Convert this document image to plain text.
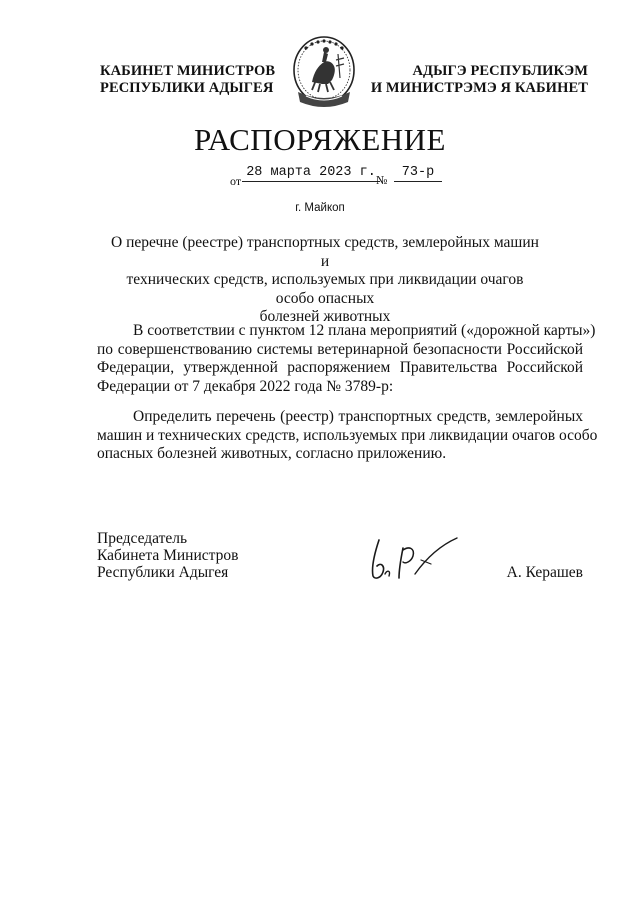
КАБИНЕТ МИНИСТРОВ
РЕСПУБЛИКИ АДЫГЕЯ
АДЫГЭ РЕСПУБЛИКЭМ
И МИНИСТРЭМЭ Я КАБИНЕТ
РАСПОРЯЖЕНИЕ
от
28 марта 2023 г. №	73-р
г. Майкоп
О перечне (реестре) транспортных средств, землеройных машин и
технических средств, используемых при ликвидации очагов особо опасных
болезней животных
В соответствии с пунктом 12 плана мероприятий («дорожной карты»)
по совершенствованию системы ветеринарной безопасности Российской
Федерации, утвержденной распоряжением Правительства Российской
Федерации от 7 декабря 2022 года № 3789-р:
Определить перечень (реестр) транспортных средств, землеройных
машин и технических средств, используемых при ликвидации очагов особо
опасных болезней животных, согласно приложению.
Председатель
Кабинета Министров
Республики Адыгея	А. Керашев
